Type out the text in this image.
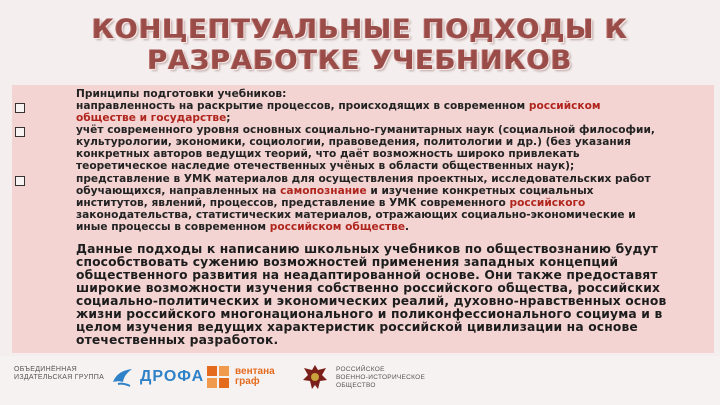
КОНЦЕПТУАЛЬНЫЕ ПОДХОДЫ К
РАЗРАБОТКЕ УЧЕБНИКОВ
Принципы подготовки учебников:
направленность на раскрытие процессов, происходящих в современном российском
обществе и государстве;
учёт современного уровня основных социально-гуманитарных наук (социальной философии,
культурологии, экономики, социологии, правоведения, политологии и др.) (без указания
конкретных авторов ведущих теорий, что даёт возможность широко привлекать
теоретическое наследие отечественных учёных в области общественных наук);
представление в УМК материалов для осуществления проектных, исследовательских работ
обучающихся, направленных на самопознание и изучение конкретных социальных
институтов, явлений, процессов, представление в УМК современного российского
законодательства, статистических материалов, отражающих социально-экономические и
иные процессы в современном российском обществе.
Данные подходы к написанию школьных учебников по обществознанию будут
способствовать сужению возможностей применения западных концепций
общественного развития на неадаптированной основе. Они также предоставят
широкие возможности изучения собственно российского общества, российских
социально-политических и экономических реалий, духовно-нравственных основ
жизни российского многонационального и поликонфессионального социума и в
целом изучения ведущих характеристик российской цивилизации на основе
отечественных разработок.
ОБЪЕДИНЁННАЯ
ИЗДАТЕЛЬСКАЯ ГРУППА ДРОФА	вентана
граф
РОССИЙСКОЕ
ВОЕННО-ИСТОРИЧЕСКОЕ
ОБЩЕСТВО
